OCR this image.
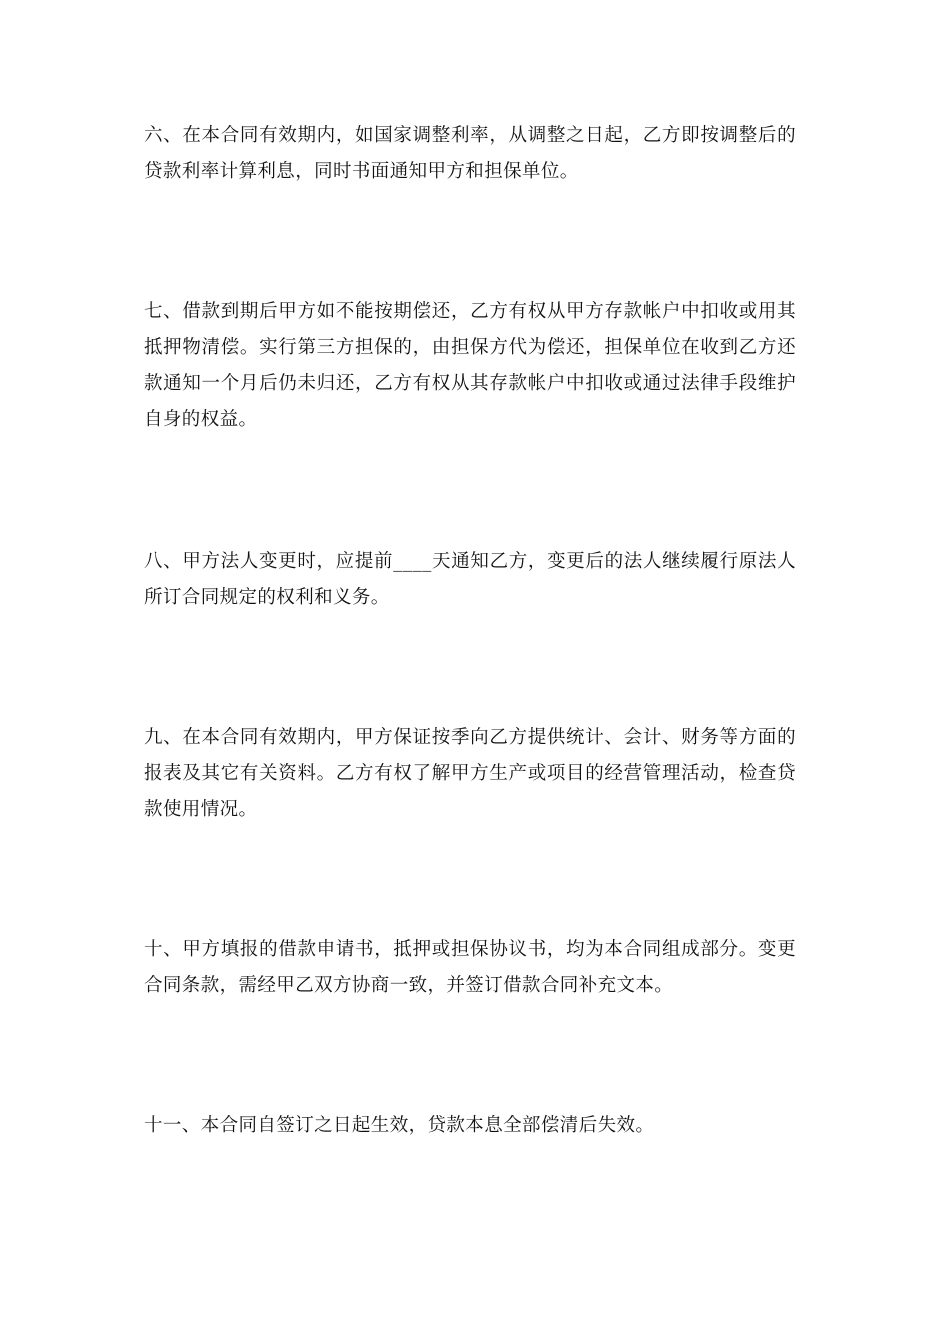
六、在本合同有效期内，如国家调整利率，从调整之日起，乙方即按调整后的贷款利率计算利息，同时书面通知甲方和担保单位。

七、借款到期后甲方如不能按期偿还，乙方有权从甲方存款帐户中扣收或用其抵押物清偿。实行第三方担保的，由担保方代为偿还，担保单位在收到乙方还款通知一个月后仍未归还，乙方有权从其存款帐户中扣收或通过法律手段维护自身的权益。

八、甲方法人变更时，应提前____天通知乙方，变更后的法人继续履行原法人所订合同规定的权利和义务。

九、在本合同有效期内，甲方保证按季向乙方提供统计、会计、财务等方面的报表及其它有关资料。乙方有权了解甲方生产或项目的经营管理活动，检查贷款使用情况。

十、甲方填报的借款申请书，抵押或担保协议书，均为本合同组成部分。变更合同条款，需经甲乙双方协商一致，并签订借款合同补充文本。

十一、本合同自签订之日起生效，贷款本息全部偿清后失效。
